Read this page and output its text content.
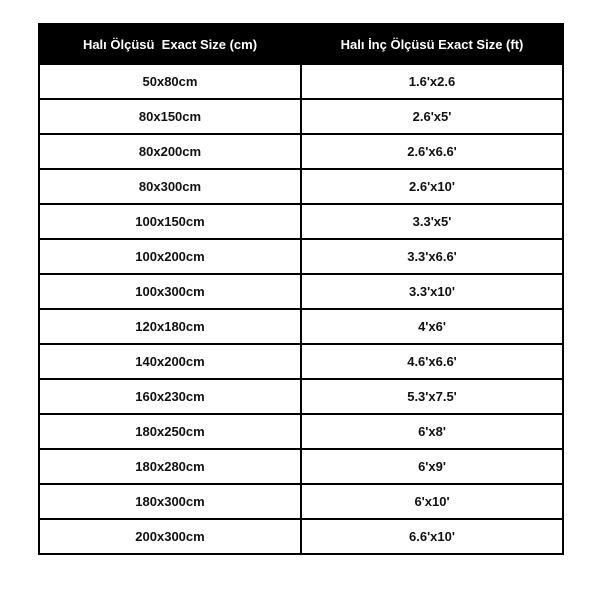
Halı Ölçüsü  Exact Size (cm)	Halı İnç Ölçüsü Exact Size (ft)
50x80cm	1.6'x2.6
80x150cm	2.6'x5'
80x200cm	2.6'x6.6'
80x300cm	2.6'x10'
100x150cm	3.3'x5'
100x200cm	3.3'x6.6'
100x300cm	3.3'x10'
120x180cm	4'x6'
140x200cm	4.6'x6.6'
160x230cm	5.3'x7.5'
180x250cm	6'x8'
180x280cm	6'x9'
180x300cm	6'x10'
200x300cm	6.6'x10'
